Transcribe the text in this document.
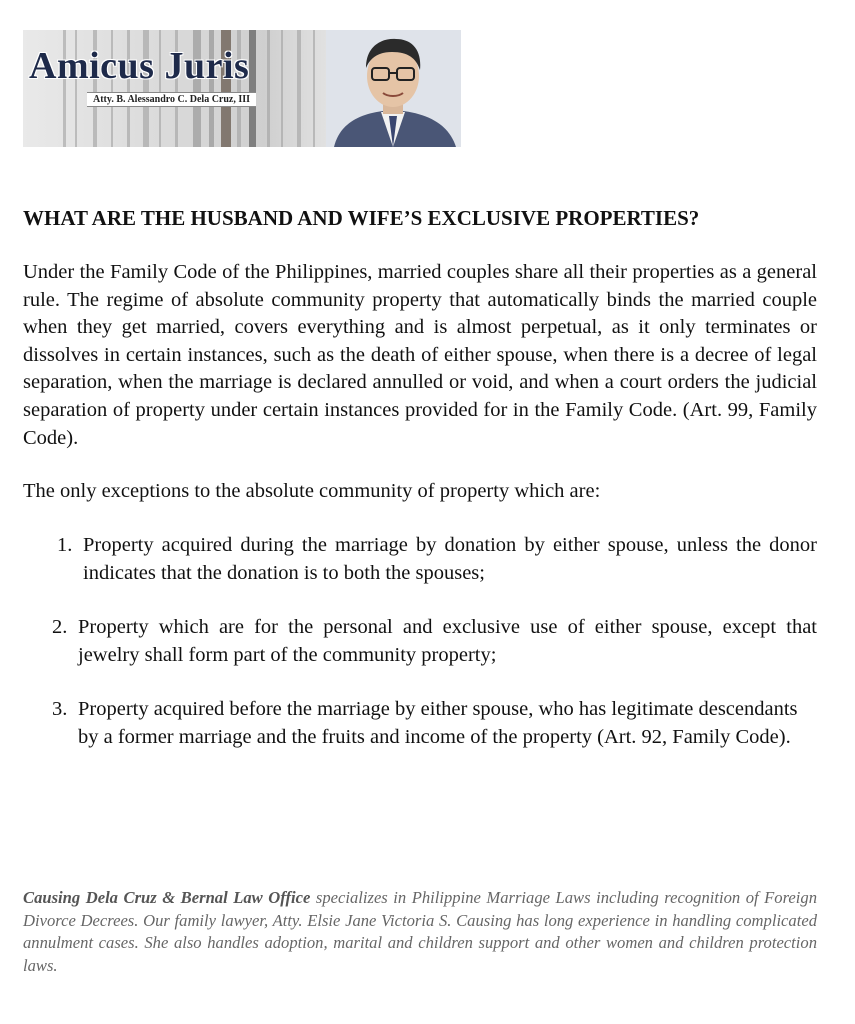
Amicus Juris
Atty. B. Alessandro C. Dela Cruz, III
WHAT ARE THE HUSBAND AND WIFE’S EXCLUSIVE PROPERTIES?

Under the Family Code of the Philippines, married couples share all their properties as a general rule. The regime of absolute community property that automatically binds the married couple when they get married, covers everything and is almost perpetual, as it only terminates or dissolves in certain instances, such as the death of either spouse, when there is a decree of legal separation, when the marriage is declared annulled or void, and when a court orders the judicial separation of property under certain instances provided for in the Family Code. (Art. 99, Family Code).

The only exceptions to the absolute community of property which are:

1. Property acquired during the marriage by donation by either spouse, unless the donor indicates that the donation is to both the spouses;

2. Property which are for the personal and exclusive use of either spouse, except that jewelry shall form part of the community property;

3. Property acquired before the marriage by either spouse, who has legitimate descendants by a former marriage and the fruits and income of the property (Art. 92, Family Code).

Causing Dela Cruz & Bernal Law Office specializes in Philippine Marriage Laws including recognition of Foreign Divorce Decrees. Our family lawyer, Atty. Elsie Jane Victoria S. Causing has long experience in handling complicated annulment cases. She also handles adoption, marital and children support and other women and children protection laws.
